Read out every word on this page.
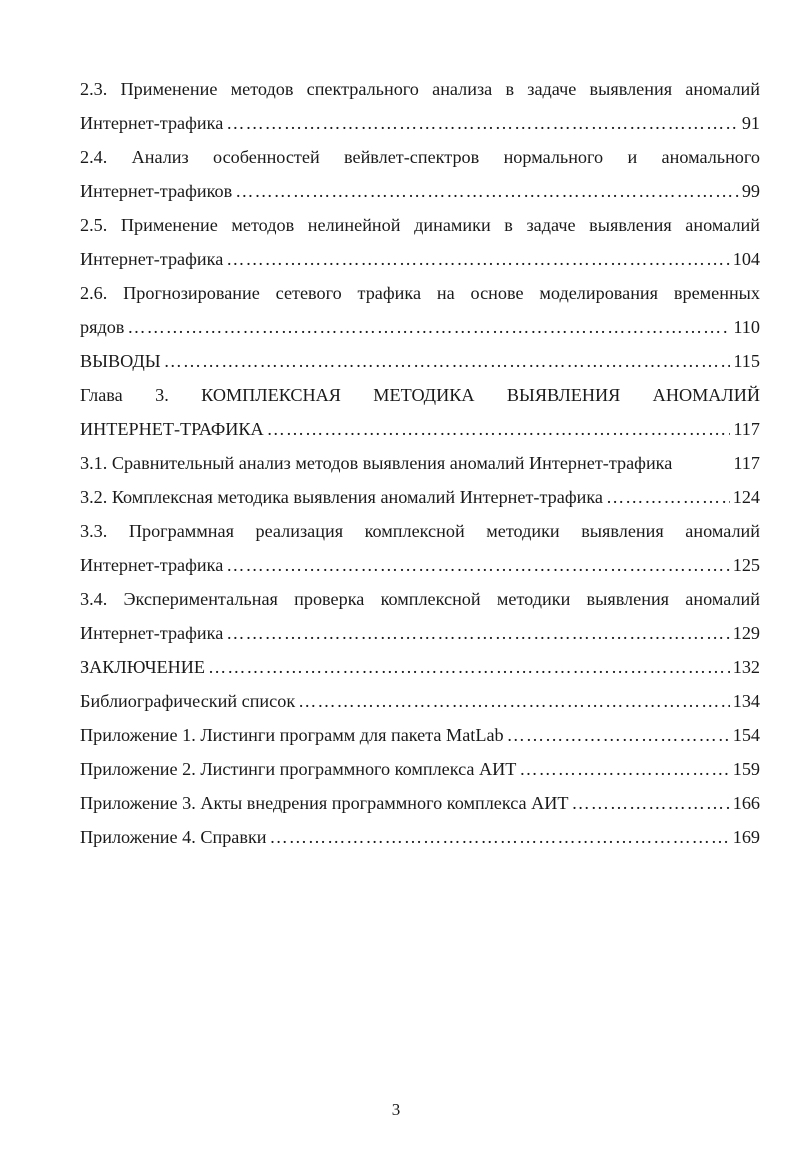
2.3. Применение методов спектрального анализа в задаче выявления аномалий
Интернет-трафика ………………………………………………………………………………………………………………………………………………………………………………………………………	91
2.4. Анализ особенностей вейвлет-спектров нормального и аномального
Интернет-трафиков ………………………………………………………………………………………………………………………………………………………………………………………………………	99
2.5. Применение методов нелинейной динамики в задаче выявления аномалий
Интернет-трафика ………………………………………………………………………………………………………………………………………………………………………………………………………	104
2.6. Прогнозирование сетевого трафика на основе моделирования временных
рядов ………………………………………………………………………………………………………………………………………………………………………………………………………	110
ВЫВОДЫ ………………………………………………………………………………………………………………………………………………………………………………………………………	115
Глава 3. КОМПЛЕКСНАЯ МЕТОДИКА ВЫЯВЛЕНИЯ АНОМАЛИЙ
ИНТЕРНЕТ-ТРАФИКА ………………………………………………………………………………………………………………………………………………………………………………………………………	117
3.1. Сравнительный анализ методов выявления аномалий Интернет-трафика	117
3.2. Комплексная методика выявления аномалий Интернет-трафика ………………………………………………………………………………………………………………………………………………………………………………………………………	124
3.3. Программная реализация комплексной методики выявления аномалий
Интернет-трафика ………………………………………………………………………………………………………………………………………………………………………………………………………	125
3.4. Экспериментальная проверка комплексной методики выявления аномалий
Интернет-трафика ………………………………………………………………………………………………………………………………………………………………………………………………………	129
ЗАКЛЮЧЕНИЕ ………………………………………………………………………………………………………………………………………………………………………………………………………	132
Библиографический список ………………………………………………………………………………………………………………………………………………………………………………………………………	134
Приложение 1. Листинги программ для пакета MatLab ………………………………………………………………………………………………………………………………………………………………………………………………………	154
Приложение 2. Листинги программного комплекса АИТ ………………………………………………………………………………………………………………………………………………………………………………………………………	159
Приложение 3. Акты внедрения программного комплекса АИТ ………………………………………………………………………………………………………………………………………………………………………………………………………	166
Приложение 4. Справки ………………………………………………………………………………………………………………………………………………………………………………………………………	169
3
